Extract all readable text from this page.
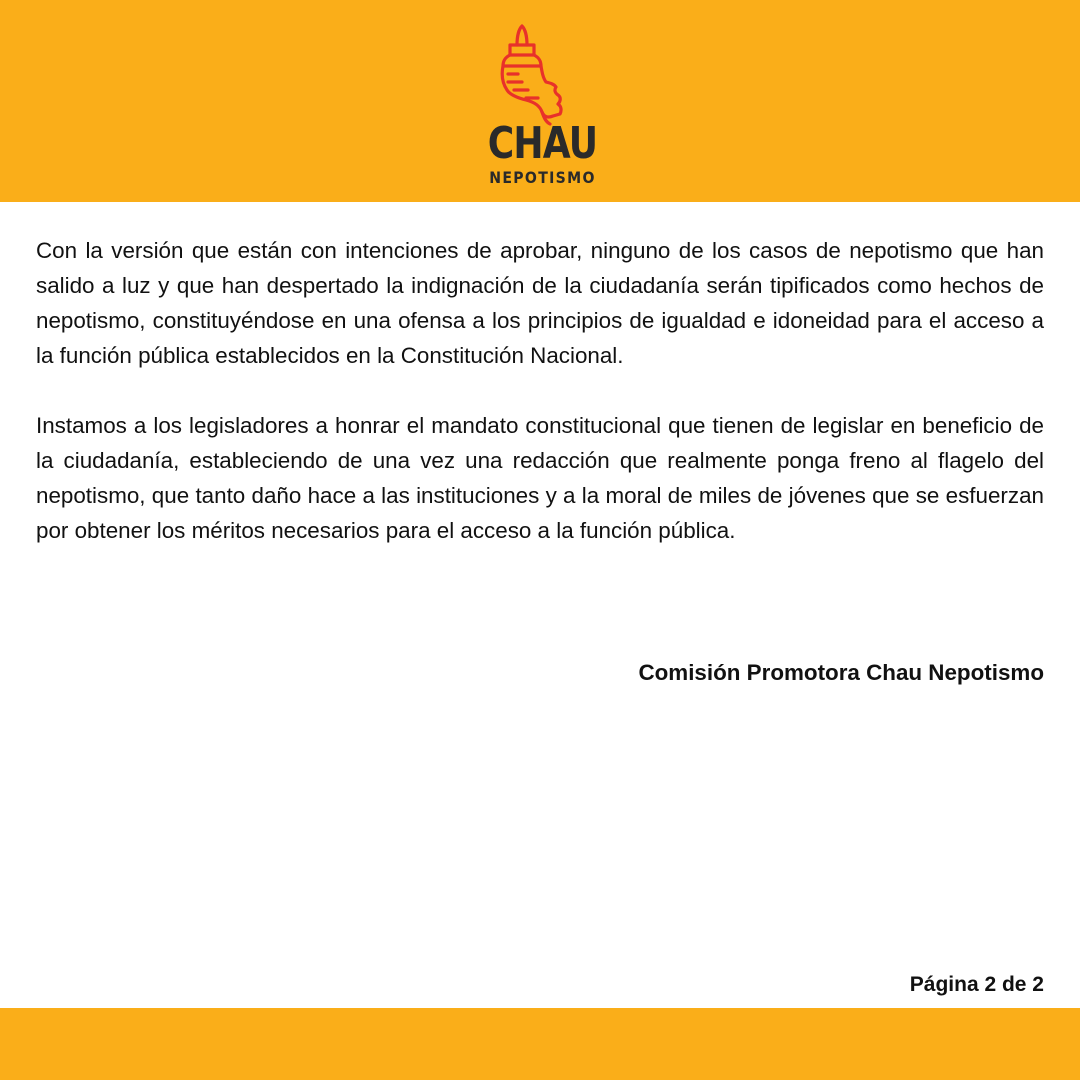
CHAU
NEPOTISMO

Con la versión que están con intenciones de aprobar, ninguno de los casos de nepotismo que han salido a luz y que han despertado la indignación de la ciudadanía serán tipificados como hechos de nepotismo, constituyéndose en una ofensa a los principios de igualdad e idoneidad para el acceso a la función pública establecidos en la Constitución Nacional.

Instamos a los legisladores a honrar el mandato constitucional que tienen de legislar en beneficio de la ciudadanía, estableciendo de una vez una redacción que realmente ponga freno al flagelo del nepotismo, que tanto daño hace a las instituciones y a la moral de miles de jóvenes que se esfuerzan por obtener los méritos necesarios para el acceso a la función pública.

Comisión Promotora Chau Nepotismo
Página 2 de 2
